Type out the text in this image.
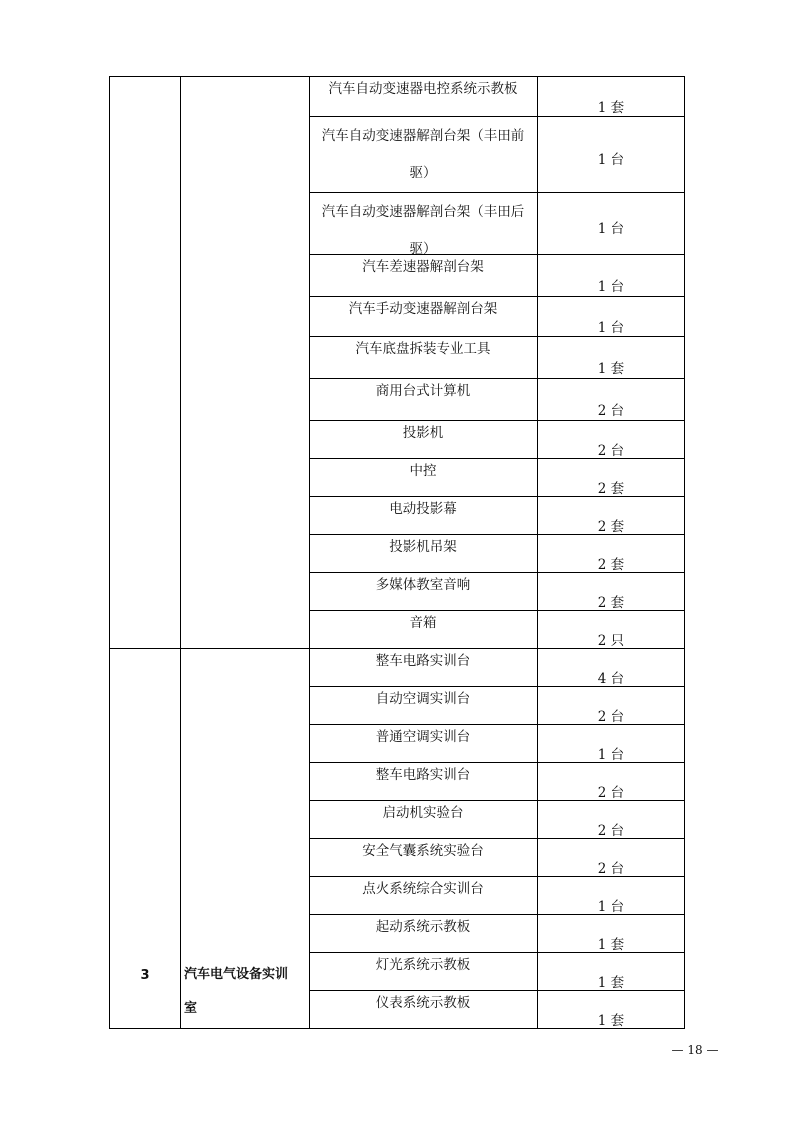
汽车自动变速器电控系统示教板
1 套
汽车自动变速器解剖台架（丰田前驱）
1 台
汽车自动变速器解剖台架（丰田后驱）
1 台
汽车差速器解剖台架
1 台
汽车手动变速器解剖台架
1 台
汽车底盘拆装专业工具
1 套
商用台式计算机
2 台
投影机
2 台
中控
2 套
电动投影幕
2 套
投影机吊架
2 套
多媒体教室音响
2 套
音箱
2 只
整车电路实训台
4 台
自动空调实训台
2 台
普通空调实训台
1 台
整车电路实训台
2 台
启动机实验台
2 台
安全气囊系统实验台
2 台
点火系统综合实训台
1 台
起动系统示教板
1 套
灯光系统示教板
1 套
仪表系统示教板
1 套
3	汽车电气设备实训
室
— 18 —
